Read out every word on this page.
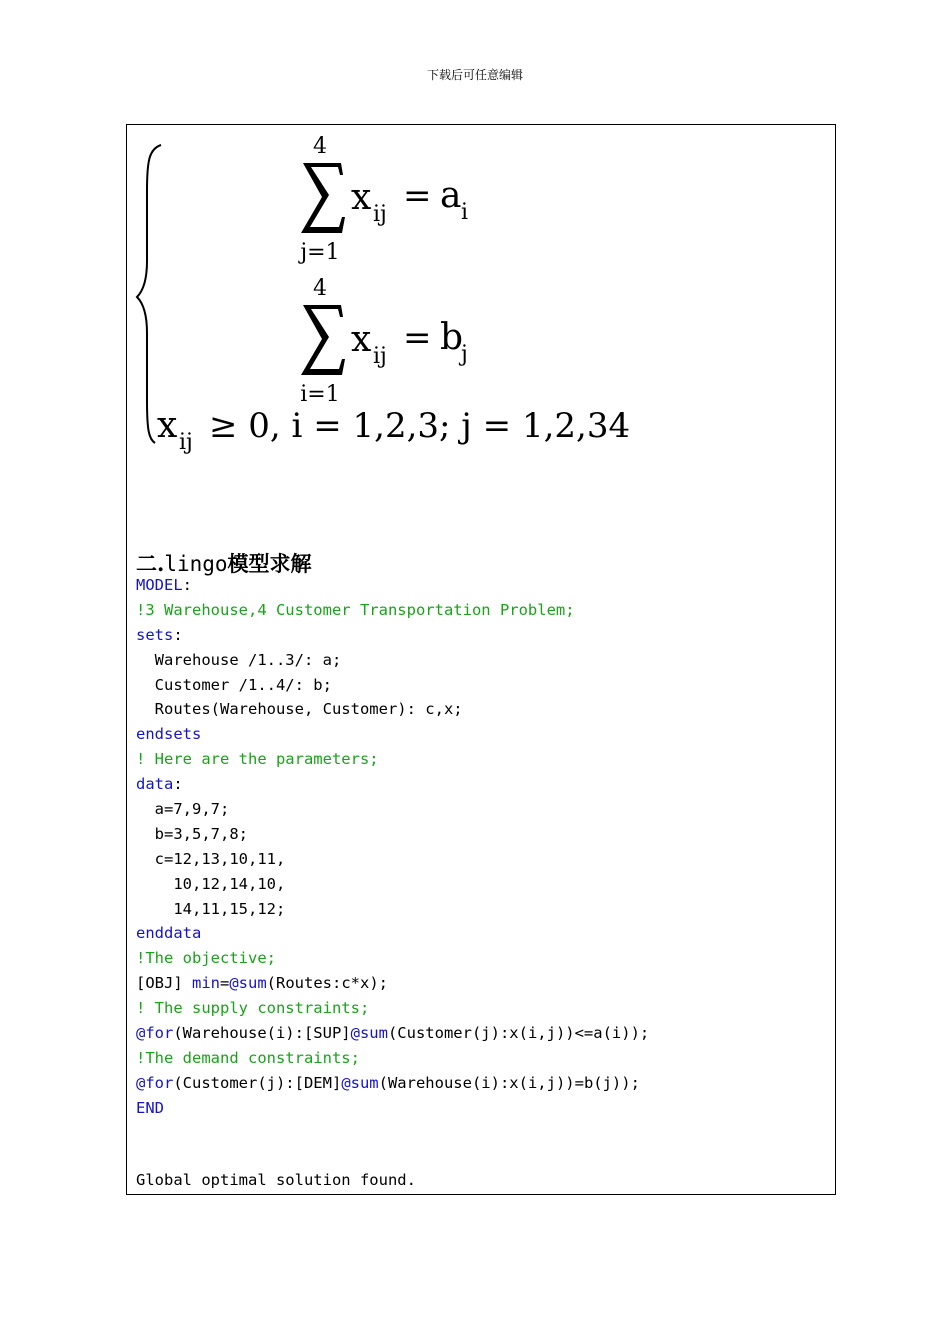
下载后可任意编辑
4
j=1
x ij = a i
4
i=1
x ij = b
j
x ij ≥ 0, i = 1,2,3; j = 1,2,34
二.lingo模型求解
MODEL:
!3 Warehouse,4 Customer Transportation Problem;
sets:
Warehouse /1..3/: a;
Customer /1..4/: b;
Routes(Warehouse, Customer): c,x;
endsets
! Here are the parameters;
data:
a=7,9,7;
b=3,5,7,8;
c=12,13,10,11,
10,12,14,10,
14,11,15,12;
enddata
!The objective;
[OBJ] min=@sum(Routes:c*x);
! The supply constraints;
@for(Warehouse(i):[SUP]@sum(Customer(j):x(i,j))<=a(i));
!The demand constraints;
@for(Customer(j):[DEM]@sum(Warehouse(i):x(i,j))=b(j));
END
Global optimal solution found.
